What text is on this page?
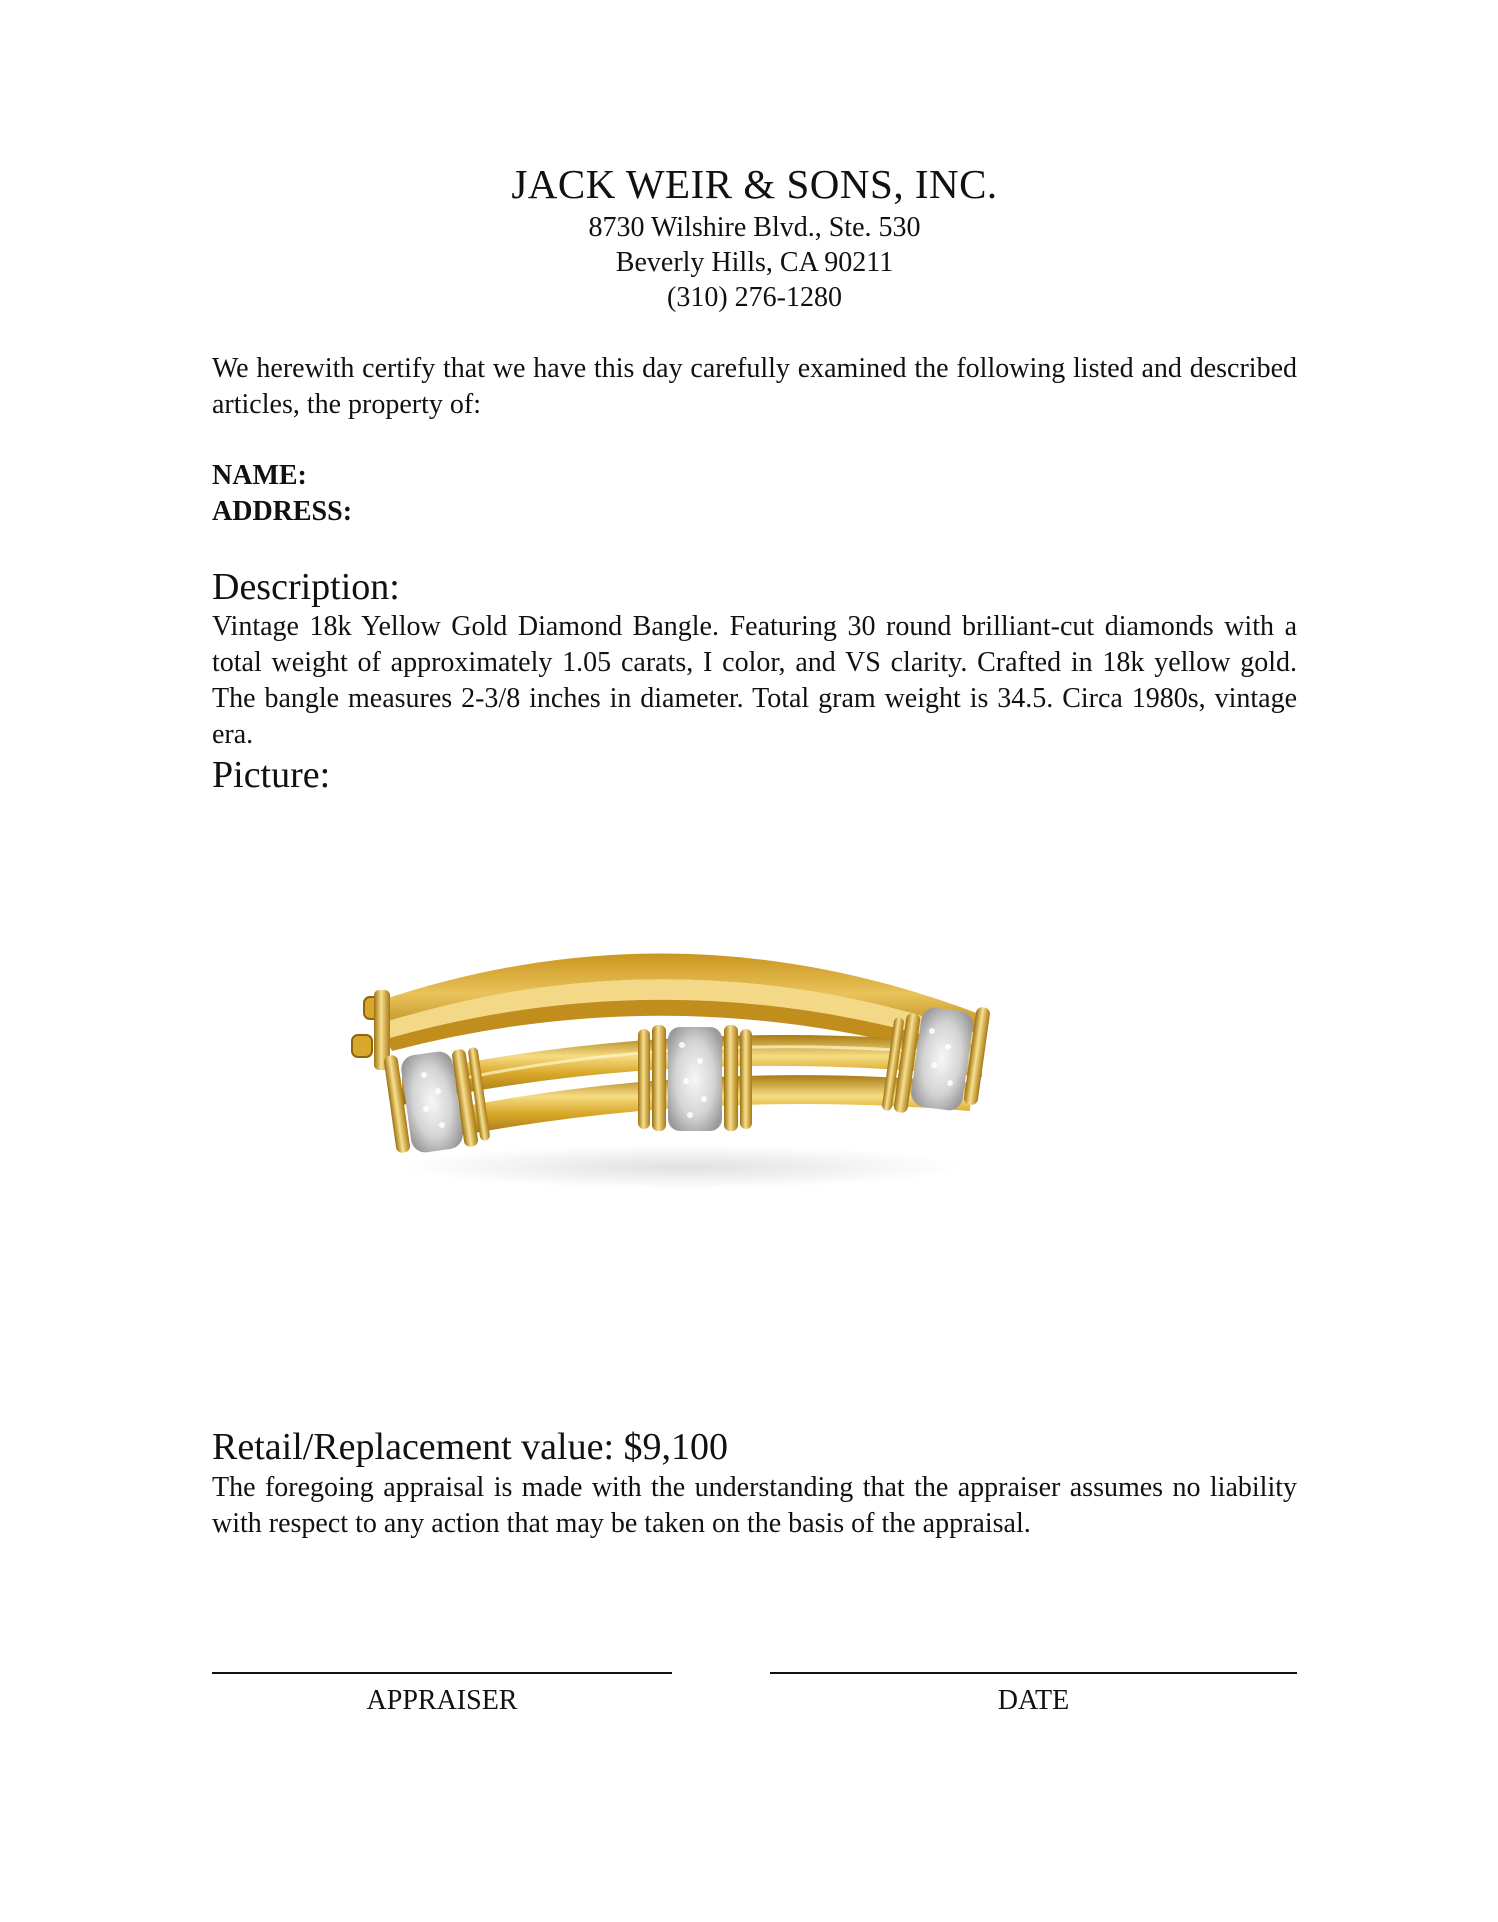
JACK WEIR & SONS, INC.
8730 Wilshire Blvd., Ste. 530
Beverly Hills, CA 90211
(310) 276-1280
We herewith certify that we have this day carefully examined the following listed and described articles, the property of:
NAME:
ADDRESS:
Description:
Vintage 18k Yellow Gold Diamond Bangle. Featuring 30 round brilliant-cut diamonds with a total weight of approximately 1.05 carats, I color, and VS clarity. Crafted in 18k yellow gold. The bangle measures 2-3/8 inches in diameter. Total gram weight is 34.5. Circa 1980s, vintage era.
Picture:
Retail/Replacement value: $9,100
The foregoing appraisal is made with the understanding that the appraiser assumes no liability with respect to any action that may be taken on the basis of the appraisal.
APPRAISER	DATE
